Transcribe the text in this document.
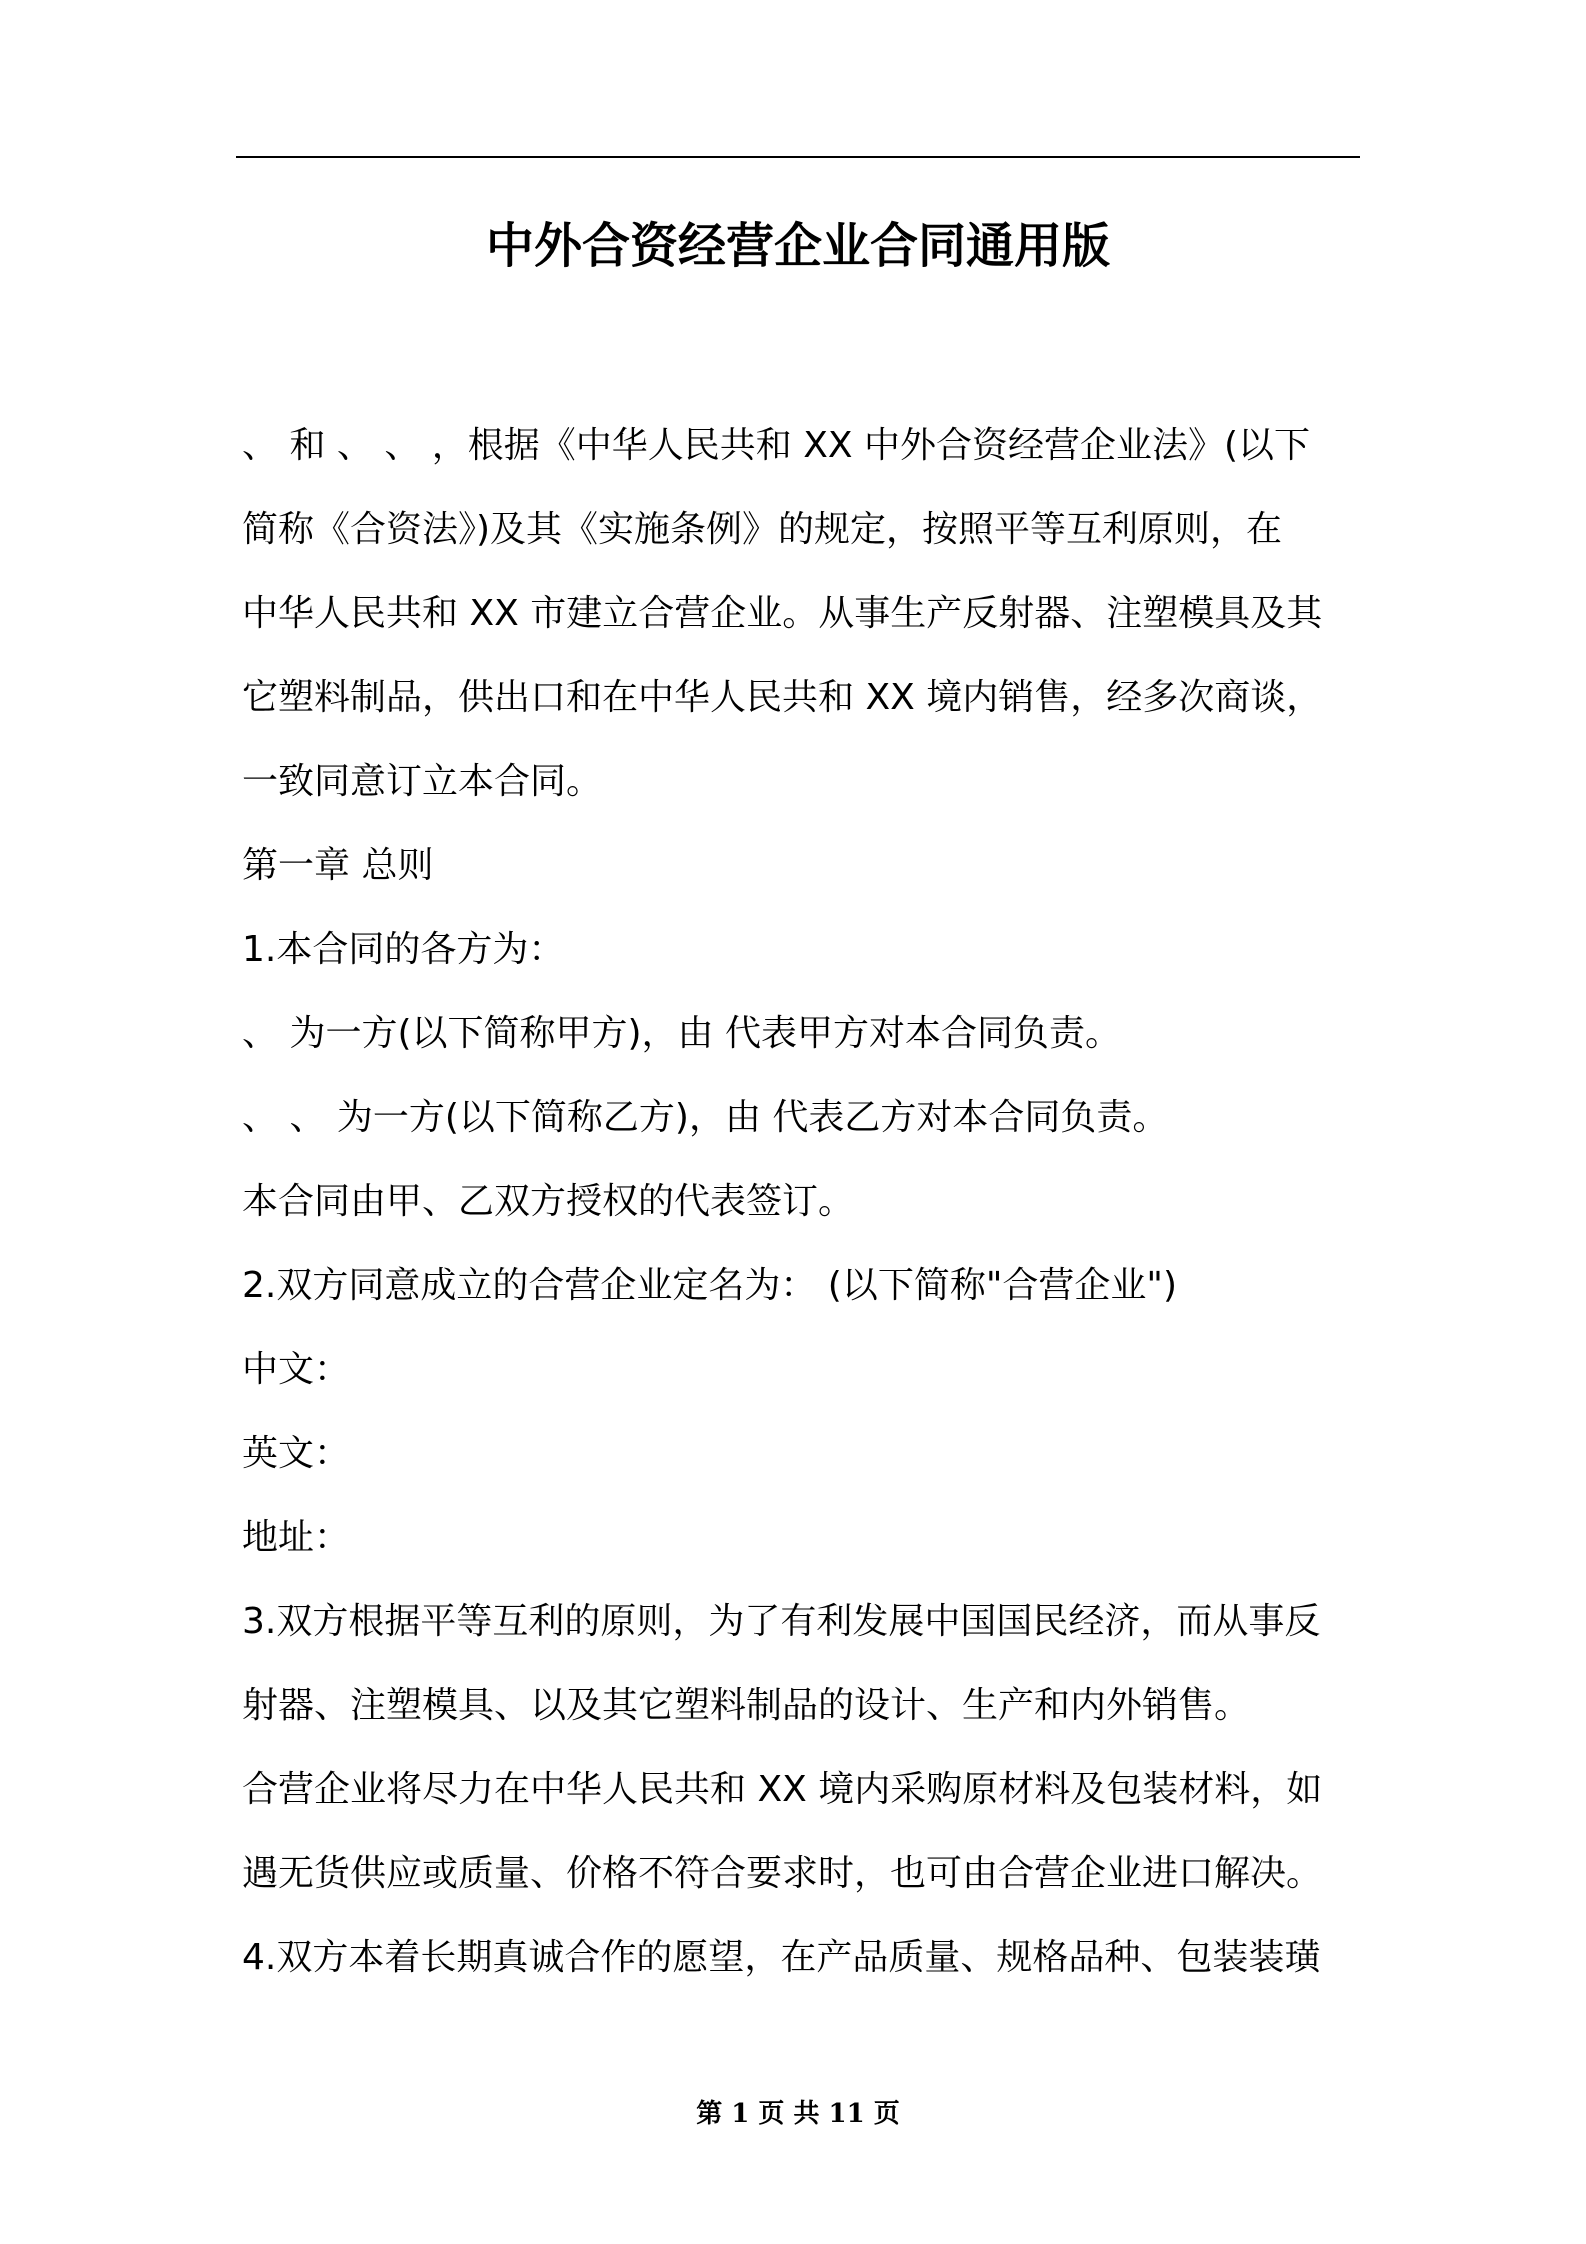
中外合资经营企业合同通用版

、 和 、 、 ，根据《中华人民共和 XX 中外合资经营企业法》(以下

简称《合资法》)及其《实施条例》的规定，按照平等互利原则，在

中华人民共和 XX 市建立合营企业。从事生产反射器、注塑模具及其

它塑料制品，供出口和在中华人民共和 XX 境内销售，经多次商谈，

一致同意订立本合同。

第一章 总则

1.本合同的各方为：

、 为一方(以下简称甲方)，由 代表甲方对本合同负责。

、 、 为一方(以下简称乙方)，由 代表乙方对本合同负责。

本合同由甲、乙双方授权的代表签订。

2.双方同意成立的合营企业定名为： (以下简称"合营企业")

中文：

英文：

地址：

3.双方根据平等互利的原则，为了有利发展中国国民经济，而从事反

射器、注塑模具、以及其它塑料制品的设计、生产和内外销售。

合营企业将尽力在中华人民共和 XX 境内采购原材料及包装材料，如

遇无货供应或质量、价格不符合要求时，也可由合营企业进口解决。

4.双方本着长期真诚合作的愿望，在产品质量、规格品种、包装装璜

第 1 页 共 11 页
